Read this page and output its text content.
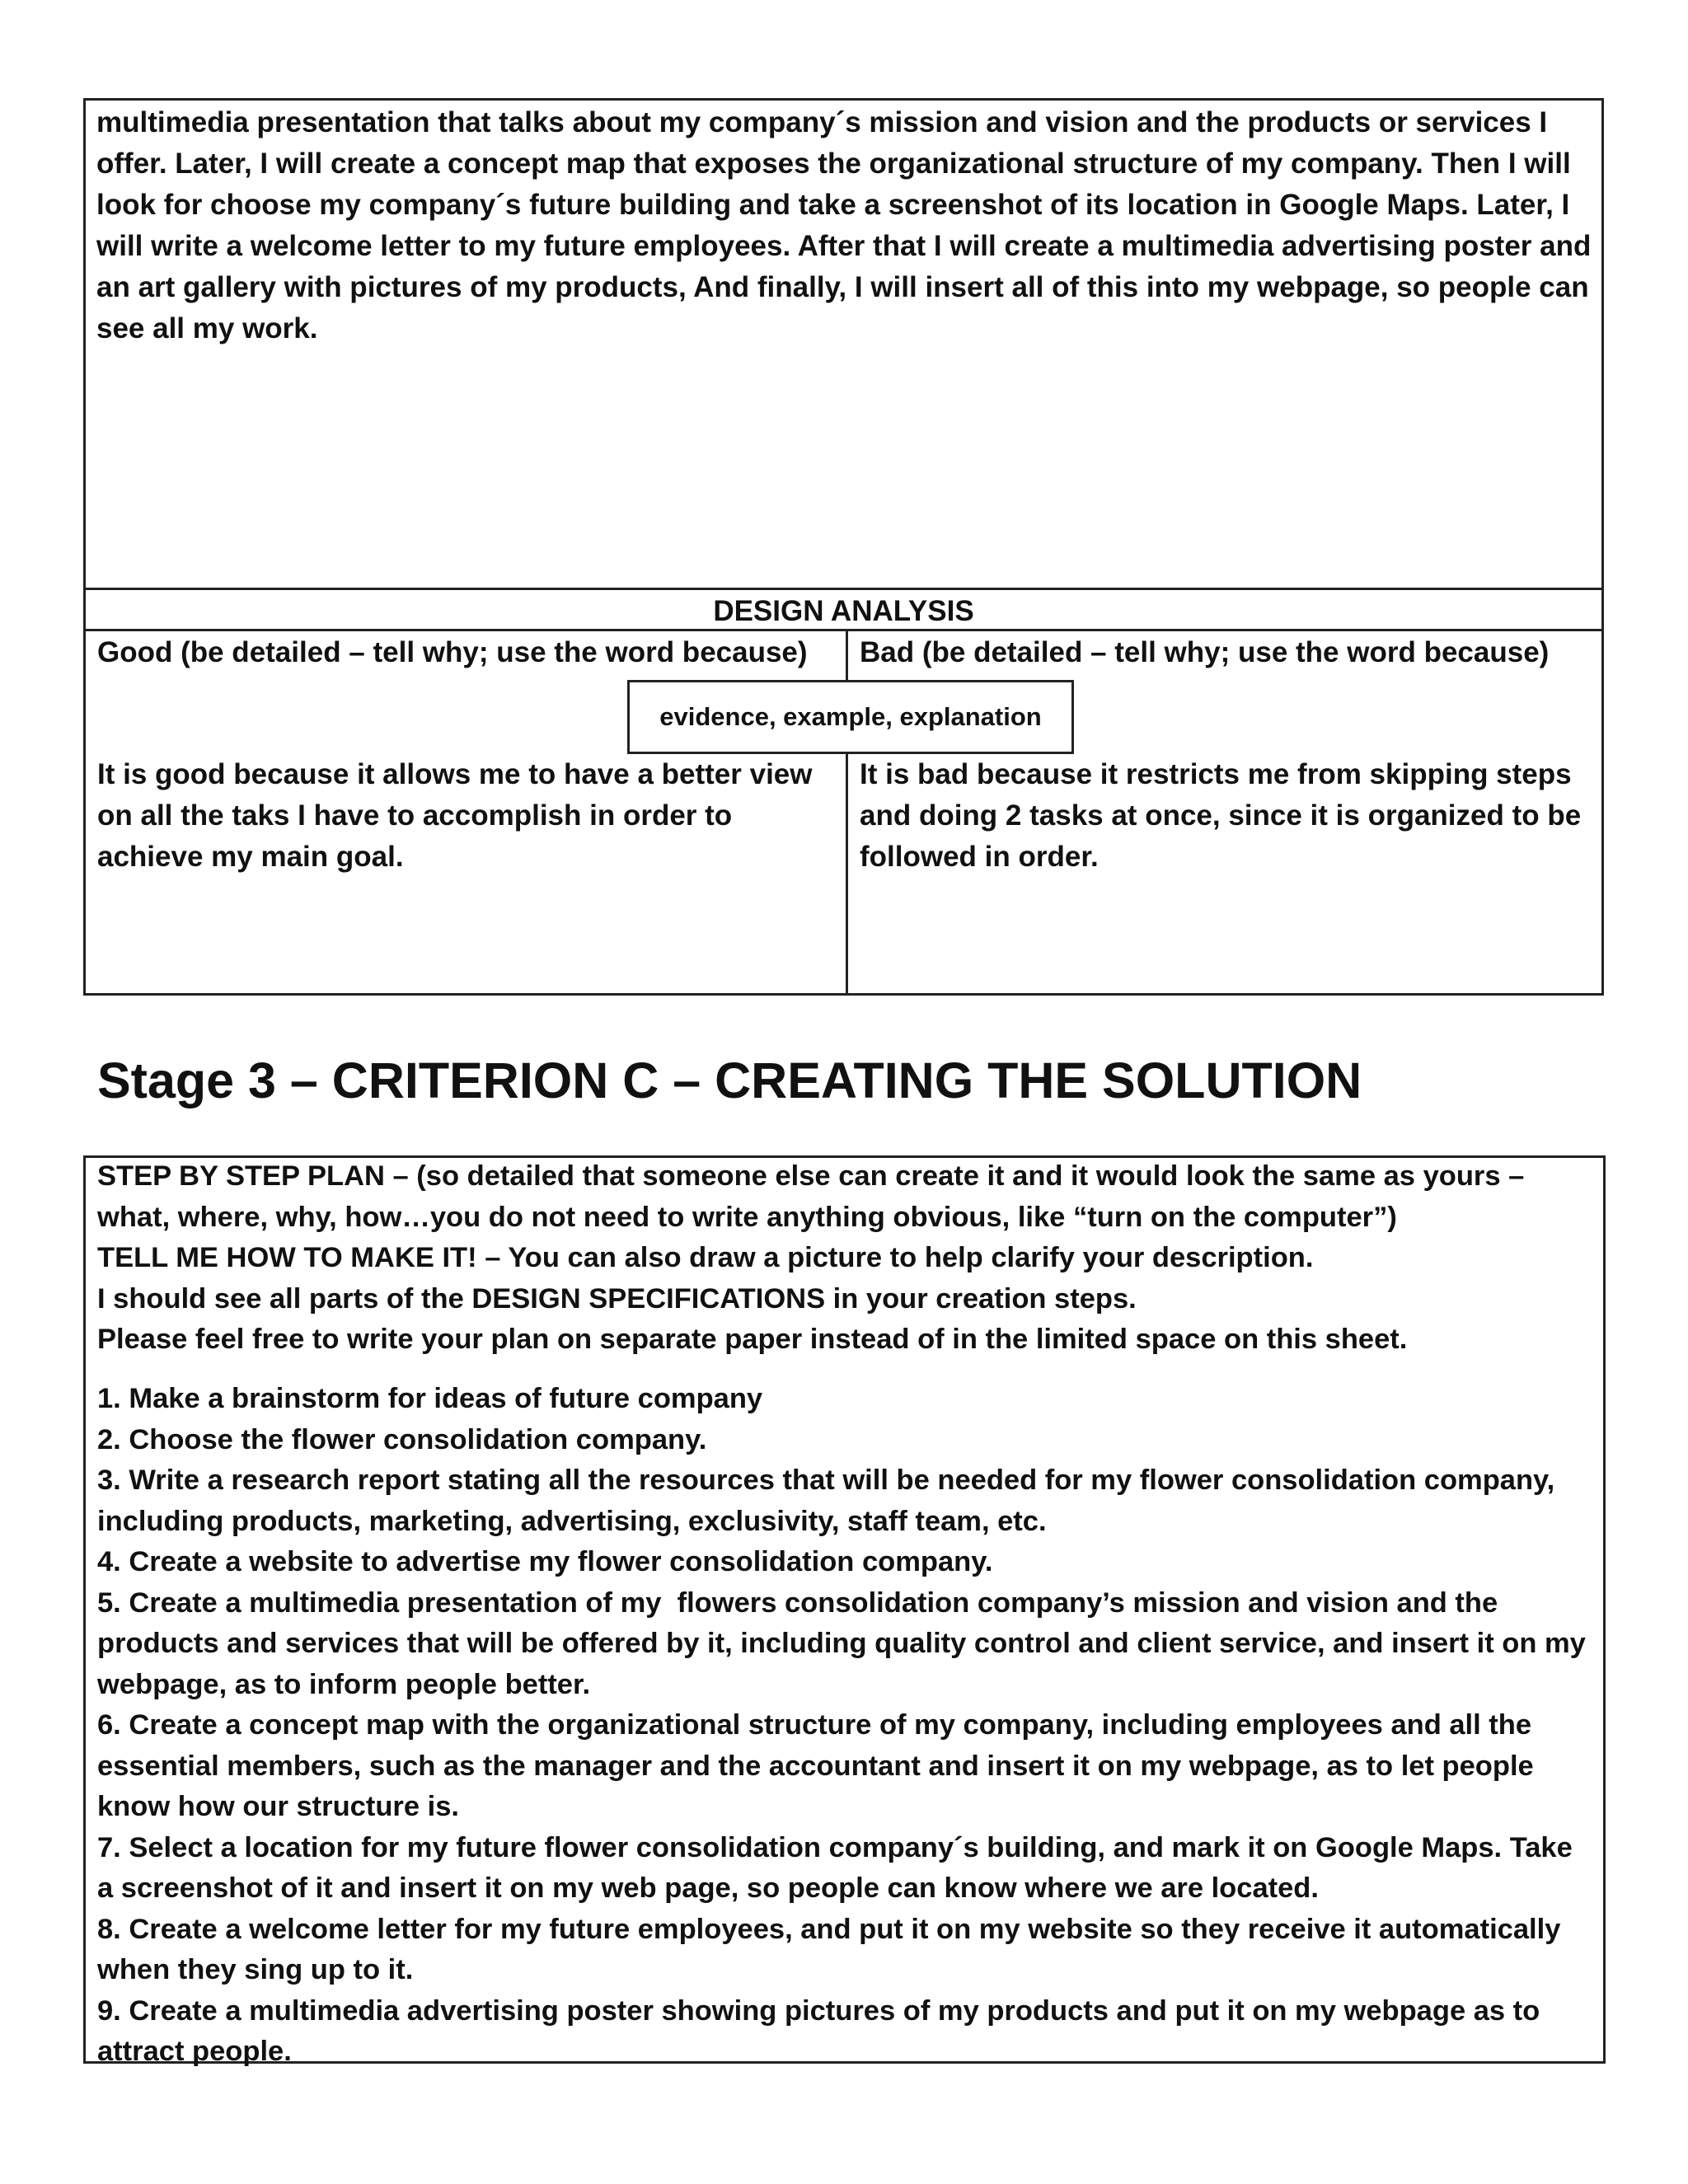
multimedia presentation that talks about my company´s mission and vision and the products or services I offer. Later, I will create a concept map that exposes the organizational structure of my company. Then I will look for choose my company´s future building and take a screenshot of its location in Google Maps. Later, I will write a welcome letter to my future employees. After that I will create a multimedia advertising poster and an art gallery with pictures of my products, And finally, I will insert all of this into my webpage, so people can see all my work.

DESIGN ANALYSIS

Good (be detailed – tell why; use the word because)	Bad (be detailed – tell why; use the word because)

evidence, example, explanation

It is good because it allows me to have a better view on all the taks I have to accomplish in order to achieve my main goal.

It is bad because it restricts me from skipping steps and doing 2 tasks at once, since it is organized to be followed in order.

Stage 3 – CRITERION C – CREATING THE SOLUTION

STEP BY STEP PLAN – (so detailed that someone else can create it and it would look the same as yours – what, where, why, how…you do not need to write anything obvious, like “turn on the computer”)
TELL ME HOW TO MAKE IT! – You can also draw a picture to help clarify your description.
I should see all parts of the DESIGN SPECIFICATIONS in your creation steps.
Please feel free to write your plan on separate paper instead of in the limited space on this sheet.

1. Make a brainstorm for ideas of future company
2. Choose the flower consolidation company.
3. Write a research report stating all the resources that will be needed for my flower consolidation company, including products, marketing, advertising, exclusivity, staff team, etc.
4. Create a website to advertise my flower consolidation company.
5. Create a multimedia presentation of my  flowers consolidation company’s mission and vision and the products and services that will be offered by it, including quality control and client service, and insert it on my webpage, as to inform people better.
6. Create a concept map with the organizational structure of my company, including employees and all the essential members, such as the manager and the accountant and insert it on my webpage, as to let people know how our structure is.
7. Select a location for my future flower consolidation company´s building, and mark it on Google Maps. Take a screenshot of it and insert it on my web page, so people can know where we are located.
8. Create a welcome letter for my future employees, and put it on my website so they receive it automatically when they sing up to it.
9. Create a multimedia advertising poster showing pictures of my products and put it on my webpage as to attract people.
